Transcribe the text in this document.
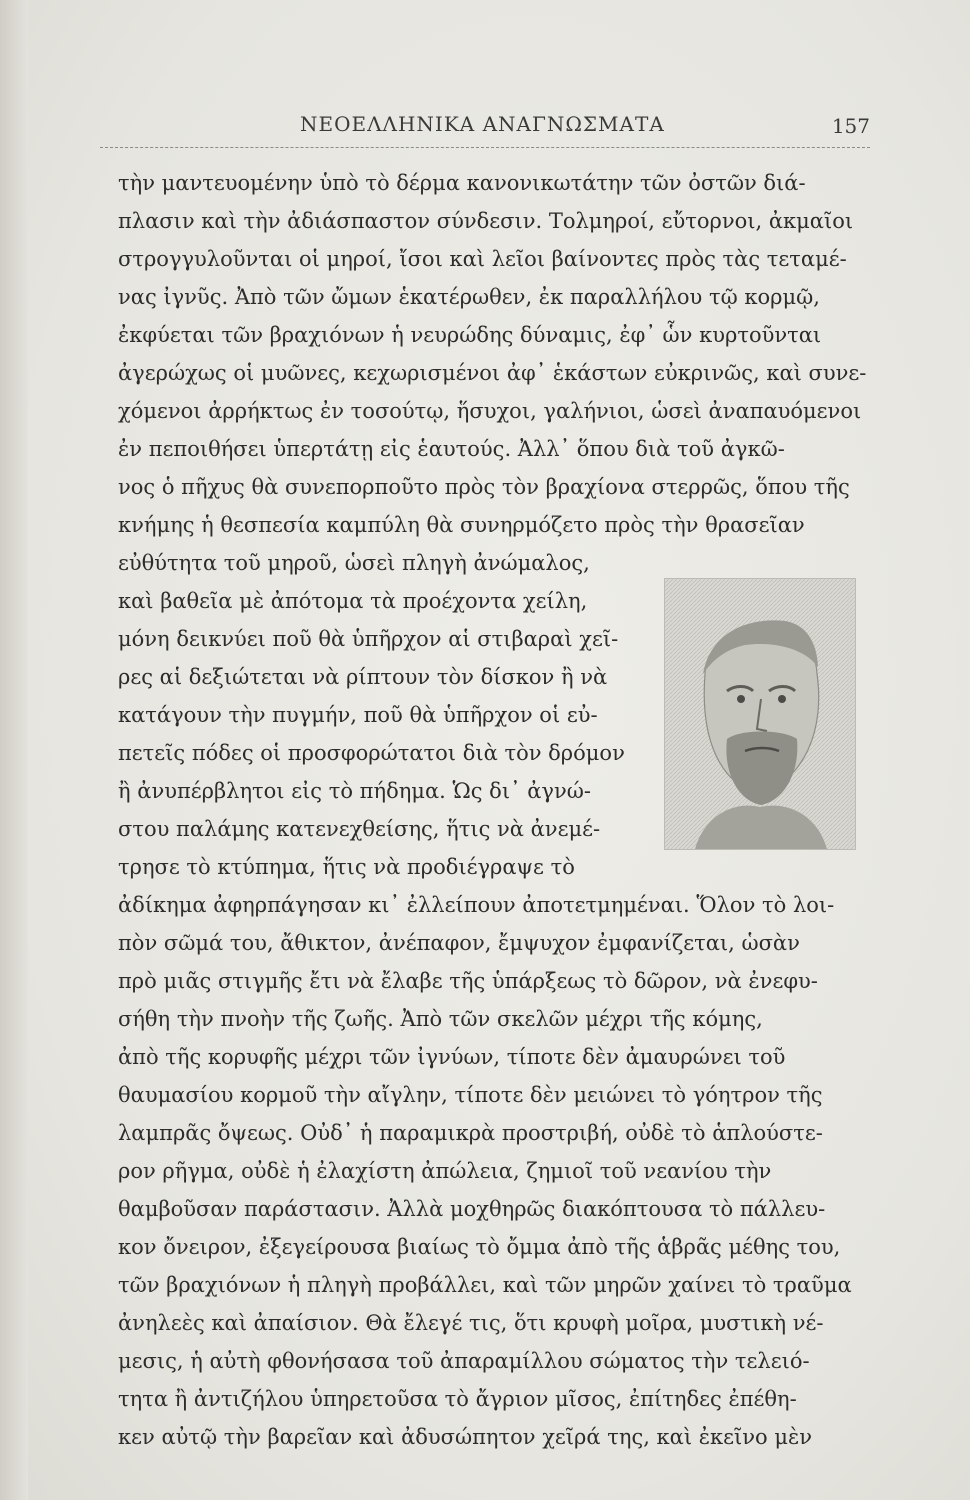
ΝΕΟΕΛΛΗΝΙΚΑ ΑΝΑΓΝΩΣΜΑΤΑ	157
τὴν μαντευομένην ὑπὸ τὸ δέρμα κανονικωτάτην τῶν ὀστῶν διά-
πλασιν καὶ τὴν ἀδιάσπαστον σύνδεσιν. Τολμηροί, εὔτορνοι, ἀκμαῖοι
στρογγυλοῦνται οἱ μηροί, ἴσοι καὶ λεῖοι βαίνοντες πρὸς τὰς τεταμέ-
νας ἰγνῦς. Ἀπὸ τῶν ὤμων ἑκατέρωθεν, ἐκ παραλλήλου τῷ κορμῷ,
ἐκφύεται τῶν βραχιόνων ἡ νευρώδης δύναμις, ἐφ᾽ ὧν κυρτοῦνται
ἀγερώχως οἱ μυῶνες, κεχωρισμένοι ἀφ᾽ ἑκάστων εὐκρινῶς, καὶ συνε-
χόμενοι ἀρρήκτως ἐν τοσούτῳ, ἥσυχοι, γαλήνιοι, ὡσεὶ ἀναπαυόμενοι
ἐν πεποιθήσει ὑπερτάτῃ εἰς ἑαυτούς. Ἀλλ᾽ ὅπου διὰ τοῦ ἀγκῶ-
νος ὁ πῆχυς θὰ συνεπορποῦτο πρὸς τὸν βραχίονα στερρῶς, ὅπου τῆς
κνήμης ἡ θεσπεσία καμπύλη θὰ συνηρμόζετο πρὸς τὴν θρασεῖαν
εὐθύτητα τοῦ μηροῦ, ὡσεὶ πληγὴ ἀνώμαλος,
καὶ βαθεῖα μὲ ἀπότομα τὰ προέχοντα χείλη,
μόνη δεικνύει ποῦ θὰ ὑπῆρχον αἱ στιβαραὶ χεῖ-
ρες αἱ δεξιώτεται νὰ ρίπτουν τὸν δίσκον ἢ νὰ
κατάγουν τὴν πυγμήν, ποῦ θὰ ὑπῆρχον οἱ εὐ-
πετεῖς πόδες οἱ προσφορώτατοι διὰ τὸν δρόμον
ἢ ἀνυπέρβλητοι εἰς τὸ πήδημα. Ὡς δι᾽ ἀγνώ-
στου παλάμης κατενεχθείσης, ἥτις νὰ ἀνεμέ-
τρησε τὸ κτύπημα, ἥτις νὰ προδιέγραψε τὸ
ἀδίκημα ἀφηρπάγησαν κι᾽ ἐλλείπουν ἀποτετμημέναι. Ὅλον τὸ λοι-
πὸν σῶμά του, ἄθικτον, ἀνέπαφον, ἔμψυχον ἐμφανίζεται, ὡσὰν
πρὸ μιᾶς στιγμῆς ἔτι νὰ ἔλαβε τῆς ὑπάρξεως τὸ δῶρον, νὰ ἐνεφυ-
σήθη τὴν πνοὴν τῆς ζωῆς. Ἀπὸ τῶν σκελῶν μέχρι τῆς κόμης,
ἀπὸ τῆς κορυφῆς μέχρι τῶν ἰγνύων, τίποτε δὲν ἀμαυρώνει τοῦ
θαυμασίου κορμοῦ τὴν αἴγλην, τίποτε δὲν μειώνει τὸ γόητρον τῆς
λαμπρᾶς ὄψεως. Οὐδ᾽ ἡ παραμικρὰ προστριβή, οὐδὲ τὸ ἁπλούστε-
ρον ρῆγμα, οὐδὲ ἡ ἐλαχίστη ἀπώλεια, ζημιοῖ τοῦ νεανίου τὴν
θαμβοῦσαν παράστασιν. Ἀλλὰ μοχθηρῶς διακόπτουσα τὸ πάλλευ-
κον ὄνειρον, ἐξεγείρουσα βιαίως τὸ ὄμμα ἀπὸ τῆς ἁβρᾶς μέθης του,
τῶν βραχιόνων ἡ πληγὴ προβάλλει, καὶ τῶν μηρῶν χαίνει τὸ τραῦμα
ἀνηλεὲς καὶ ἀπαίσιον. Θὰ ἔλεγέ τις, ὅτι κρυφὴ μοῖρα, μυστικὴ νέ-
μεσις, ἡ αὐτὴ φθονήσασα τοῦ ἀπαραμίλλου σώματος τὴν τελειό-
τητα ἢ ἀντιζήλου ὑπηρετοῦσα τὸ ἄγριον μῖσος, ἐπίτηδες ἐπέθη-
κεν αὐτῷ τὴν βαρεῖαν καὶ ἀδυσώπητον χεῖρά της, καὶ ἐκεῖνο μὲν
